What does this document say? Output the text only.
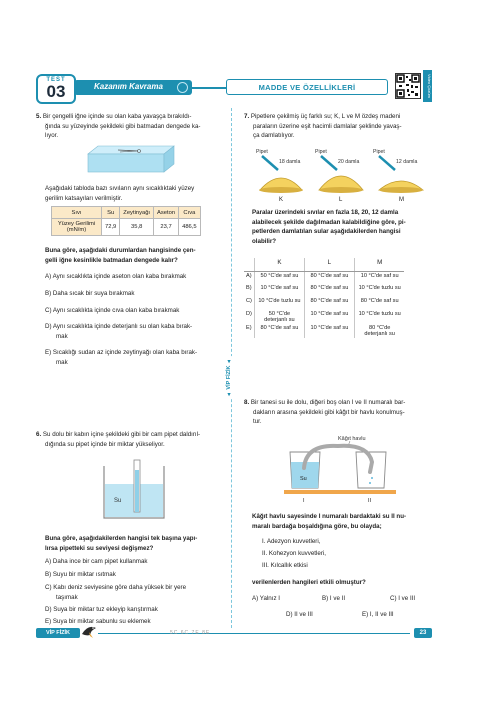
TEST
03	Kazanım Kavrama	MADDE VE ÖZELLİKLERİ	Video Çözüm
▲ VİP FİZİK ▲
5. Bir çengelli iğne içinde su olan kaba yavaşça bırakıldı-
ğında su yüzeyinde şekildeki gibi batmadan dengede ka-
lıyor.
Aşağıdaki tabloda bazı sıvıların aynı sıcaklıktaki yüzey
gerilim katsayıları verilmiştir.
Sıvı	Su	Zeytinyağı	Aseton	Cıva
Yüzey Gerilimi
(mN/m)	72,9	35,8	23,7	486,5
Buna göre, aşağıdaki durumlardan hangisinde çen-
gelli iğne kesinlikle batmadan dengede kalır?
A) Aynı sıcaklıkta içinde aseton olan kaba bırakmak
B) Daha sıcak bir suya bırakmak
C) Aynı sıcaklıkta içinde cıva olan kaba bırakmak
D) Aynı sıcaklıkta içinde deterjanlı su olan kaba bırak-
mak
E) Sıcaklığı sudan az içinde zeytinyağı olan kaba bırak-
mak
6. Su dolu bir kabın içine şekildeki gibi bir cam pipet daldırıl-
dığında su pipet içinde bir miktar yükseliyor.
Su
Buna göre, aşağıdakilerden hangisi tek başına yapı-
lırsa pipetteki su seviyesi değişmez?
A) Daha ince bir cam pipet kullanmak
B) Suyu bir miktar ısıtmak
C) Kabı deniz seviyesine göre daha yüksek bir yere
taşımak
D) Suya bir miktar tuz ekleyip karıştırmak
E) Suya bir miktar sabunlu su eklemek
7. Pipetlere çekilmiş üç farklı su; K, L ve M özdeş madeni
paraların üzerine eşit hacimli damlalar şeklinde yavaş-
ça damlatılıyor.
Pipet
18 damla
K
Pipet
20 damla
L
Pipet
12 damla
M
Paralar üzerindeki sıvılar en fazla 18, 20, 12 damla
alabilecek şekilde dağılmadan kalabildiğine göre, pi-
petlerden damlatılan sular aşağıdakilerden hangisi
olabilir?
	K	L	M
A)	50 °C'de saf su	80 °C'de saf su	10 °C'de saf su
B)	10 °C'de saf su	80 °C'de saf su	10 °C'de tuzlu su
C)	10 °C'de tuzlu su	80 °C'de saf su	80 °C'de saf su
D)	50 °C'de
deterjanlı su	10 °C'de saf su	10 °C'de tuzlu su
E)	80 °C'de saf su	10 °C'de saf su	80 °C'de
deterjanlı su
8. Bir tanesi su ile dolu, diğeri boş olan I ve II numaralı bar-
dakların arasına şekildeki gibi kâğıt bir havlu konulmuş-
tur.
Kâğıt havlu
Su
I	II
Kâğıt havlu sayesinde I numaralı bardaktaki su II nu-
maralı bardağa boşaldığına göre, bu olayda;
I. Adezyon kuvvetleri,
II. Kohezyon kuvvetleri,
III. Kılcallık etkisi
verilenlerden hangileri etkili olmuştur?
A) Yalnız I	B) I ve II	C) I ve III
D) II ve III	E) I, II ve III
VİP FİZİK	5C 6C 7E 8E	23
